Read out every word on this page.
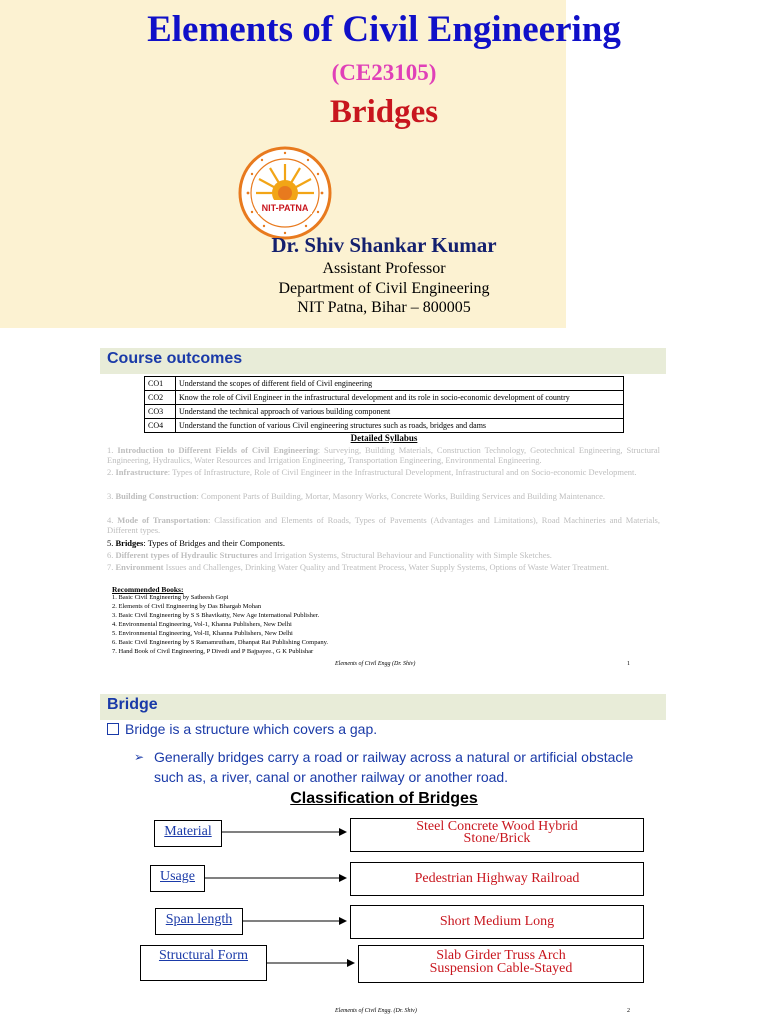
Elements of Civil Engineering
(CE23105)
Bridges
NIT-PATNA
Dr. Shiv Shankar Kumar
Assistant Professor
Department of Civil Engineering
NIT Patna, Bihar – 800005
Course outcomes
CO1	Understand the scopes of different field of Civil engineering
CO2	Know the role of Civil Engineer in the infrastructural development and its role in socio-economic development of country
CO3	Understand the technical approach of various building component
CO4	Understand the function of various Civil engineering structures such as roads, bridges and dams
Detailed Syllabus
1. Introduction to Different Fields of Civil Engineering: Surveying, Building Materials, Construction Technology, Geotechnical Engineering, Structural Engineering, Hydraulics, Water Resources and Irrigation Engineering, Transportation Engineering, Environmental Engineering.
2. Infrastructure: Types of Infrastructure, Role of Civil Engineer in the Infrastructural Development, Infrastructural and on Socio-economic Development.
3. Building Construction: Component Parts of Building, Mortar, Masonry Works, Concrete Works, Building Services and Building Maintenance.
4. Mode of Transportation: Classification and Elements of Roads, Types of Pavements (Advantages and Limitations), Road Machineries and Materials, Different types.
5. Bridges: Types of Bridges and their Components.
6. Different types of Hydraulic Structures and Irrigation Systems, Structural Behaviour and Functionality with Simple Sketches.
7. Environment Issues and Challenges, Drinking Water Quality and Treatment Process, Water Supply Systems, Options of Waste Water Treatment.
Recommended Books:
1. Basic Civil Engineering by Satheesh Gopi
2. Elements of Civil Engineering by Das Bhargab Mohan
3. Basic Civil Engineering by S S Bhavikatty, New Age International Publisher.
4. Environmental Engineering, Vol-1, Khanna Publishers, New Delhi
5. Environmental Engineering, Vol-II, Khanna Publishers, New Delhi
6. Basic Civil Engineering by S Ramamrutham, Dhanpat Rai Publishing Company.
7. Hand Book of Civil Engineering, P Divedi and P Bajpayee., G K Publishar
Elements of Civil Engg (Dr. Shiv)	1
Bridge
Bridge is a structure which covers a gap.
➢ Generally bridges carry a road or railway across a natural or artificial obstacle such as, a river, canal or another railway or another road.
Classification of Bridges
Material
Usage
Span length
Structural Form
Steel Concrete Wood Hybrid
Stone/Brick
Pedestrian Highway Railroad
Short Medium Long
Slab Girder Truss Arch
Suspension Cable-Stayed
Elements of Civil Engg. (Dr. Shiv)	2
